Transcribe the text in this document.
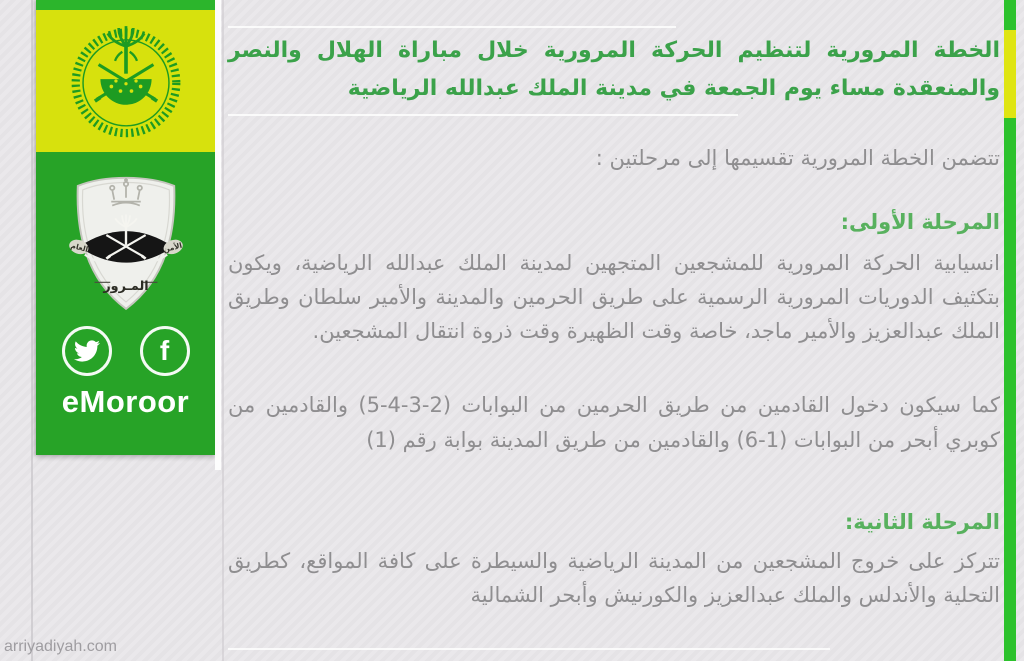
الأمن
العام
المـرور
f
eMoroor
الخطة المرورية لتنظيم الحركة المرورية خلال مباراة الهلال والنصر والمنعقدة مساء يوم الجمعة في مدينة الملك عبدالله الرياضية
تتضمن الخطة المرورية تقسيمها إلى مرحلتين :
المرحلة الأولى:
انسيابية الحركة المرورية للمشجعين المتجهين لمدينة الملك عبدالله الرياضية، ويكون بتكثيف الدوريات المرورية الرسمية على طريق الحرمين والمدينة والأمير سلطان وطريق الملك عبدالعزيز والأمير ماجد، خاصة وقت الظهيرة وقت ذروة انتقال المشجعين.
كما سيكون دخول القادمين من طريق الحرمين من البوابات (2-3-4-5) والقادمين من كوبري أبحر من البوابات (1-6) والقادمين من طريق المدينة بوابة رقم (1)
المرحلة الثانية:
تتركز على خروج المشجعين من المدينة الرياضية والسيطرة على كافة المواقع، كطريق التحلية والأندلس والملك عبدالعزيز والكورنيش وأبحر الشمالية
arriyadiyah.com
